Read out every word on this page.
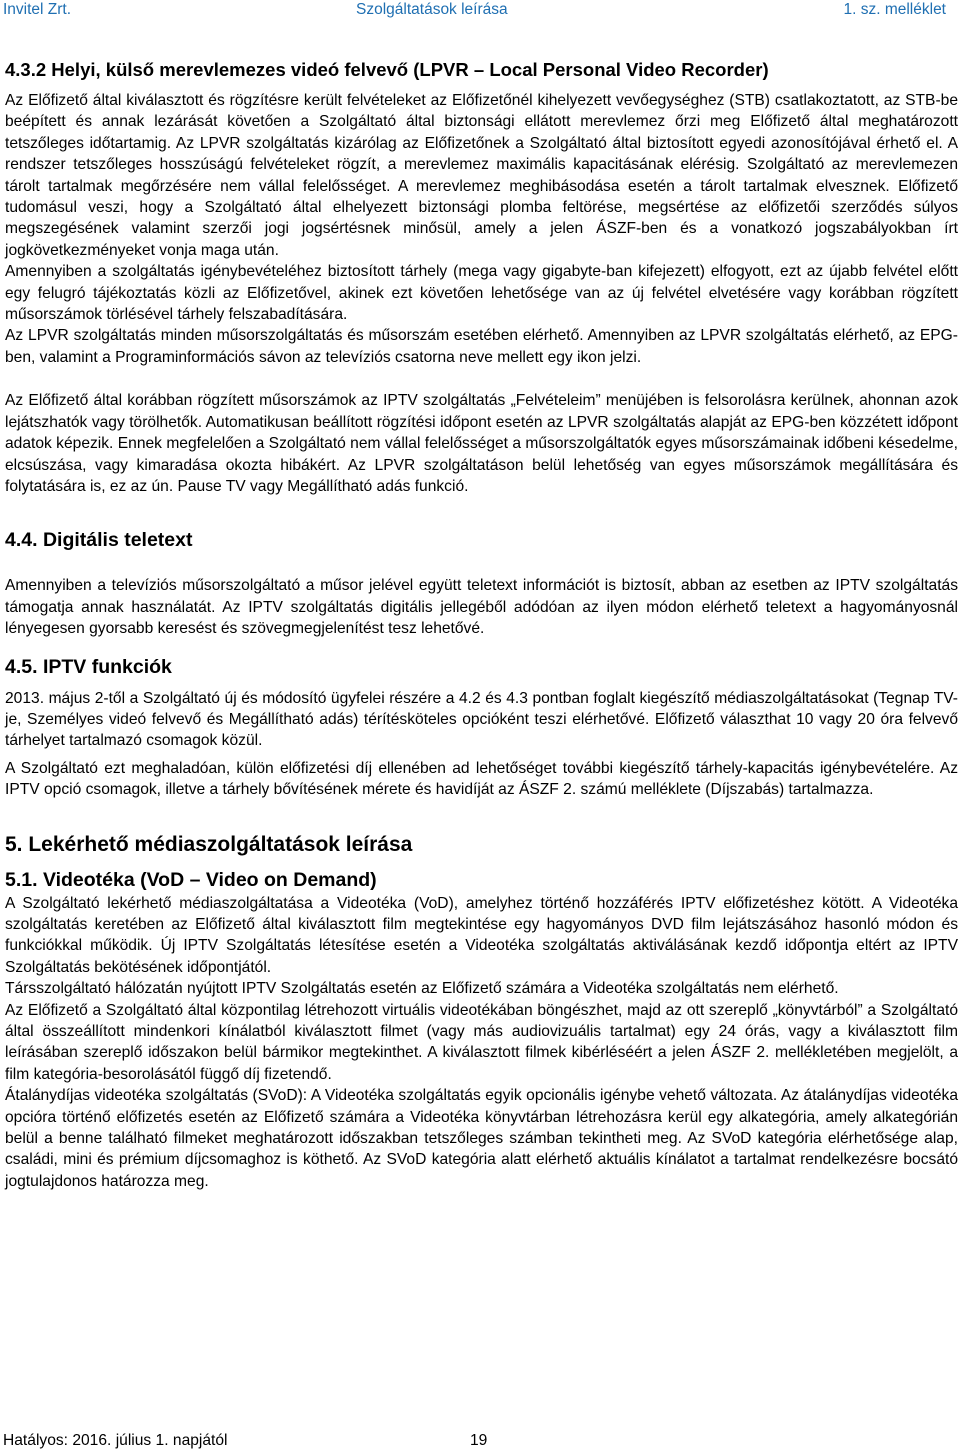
Invitel Zrt.	Szolgáltatások leírása	1. sz. melléklet
4.3.2 Helyi, külső merevlemezes videó felvevő (LPVR – Local Personal Video Recorder)

Az Előfizető által kiválasztott és rögzítésre került felvételeket az Előfizetőnél kihelyezett vevőegységhez (STB) csatlakoztatott, az STB-be beépített és annak lezárását követően a Szolgáltató által biztonsági ellátott merevlemez őrzi meg Előfizető által meghatározott tetszőleges időtartamig. Az LPVR szolgáltatás kizárólag az Előfizetőnek a Szolgáltató által biztosított egyedi azonosítójával érhető el. A rendszer tetszőleges hosszúságú felvételeket rögzít, a merevlemez maximális kapacitásának elérésig. Szolgáltató az merevlemezen tárolt tartalmak megőrzésére nem vállal felelősséget. A merevlemez meghibásodása esetén a tárolt tartalmak elvesznek. Előfizető tudomásul veszi, hogy a Szolgáltató által elhelyezett biztonsági plomba feltörése, megsértése az előfizetői szerződés súlyos megszegésének valamint szerzői jogi jogsértésnek minősül, amely a jelen ÁSZF-ben és a vonatkozó jogszabályokban írt jogkövetkezményeket vonja maga után.

Amennyiben a szolgáltatás igénybevételéhez biztosított tárhely (mega vagy gigabyte-ban kifejezett) elfogyott, ezt az újabb felvétel előtt egy felugró tájékoztatás közli az Előfizetővel, akinek ezt követően lehetősége van az új felvétel elvetésére vagy korábban rögzített műsorszámok törlésével tárhely felszabadítására.

Az LPVR szolgáltatás minden műsorszolgáltatás és műsorszám esetében elérhető. Amennyiben az LPVR szolgáltatás elérhető, az EPG-ben, valamint a Programinformációs sávon az televíziós csatorna neve mellett egy ikon jelzi.

Az Előfizető által korábban rögzített műsorszámok az IPTV szolgáltatás „Felvételeim” menüjében is felsorolásra kerülnek, ahonnan azok lejátszhatók vagy törölhetők. Automatikusan beállított rögzítési időpont esetén az LPVR szolgáltatás alapját az EPG-ben közzétett időpont adatok képezik. Ennek megfelelően a Szolgáltató nem vállal felelősséget a műsorszolgáltatók egyes műsorszámainak időbeni késedelme, elcsúszása, vagy kimaradása okozta hibákért. Az LPVR szolgáltatáson belül lehetőség van egyes műsorszámok megállítására és folytatására is, ez az ún. Pause TV vagy Megállítható adás funkció.

4.4. Digitális teletext

Amennyiben a televíziós műsorszolgáltató a műsor jelével együtt teletext információt is biztosít, abban az esetben az IPTV szolgáltatás támogatja annak használatát. Az IPTV szolgáltatás digitális jellegéből adódóan az ilyen módon elérhető teletext a hagyományosnál lényegesen gyorsabb keresést és szövegmegjelenítést tesz lehetővé.

4.5. IPTV funkciók

2013. május 2-től a Szolgáltató új és módosító ügyfelei részére a 4.2 és 4.3 pontban foglalt kiegészítő médiaszolgáltatásokat (Tegnap TV-je, Személyes videó felvevő és Megállítható adás) térítésköteles opcióként teszi elérhetővé. Előfizető választhat 10 vagy 20 óra felvevő tárhelyet tartalmazó csomagok közül.

A Szolgáltató ezt meghaladóan, külön előfizetési díj ellenében ad lehetőséget további kiegészítő tárhely-kapacitás igénybevételére. Az IPTV opció csomagok, illetve a tárhely bővítésének mérete és havidíját az ÁSZF 2. számú melléklete (Díjszabás) tartalmazza.

5. Lekérhető médiaszolgáltatások leírása
5.1. Videotéka (VoD – Video on Demand)

A Szolgáltató lekérhető médiaszolgáltatása a Videotéka (VoD), amelyhez történő hozzáférés IPTV előfizetéshez kötött. A Videotéka szolgáltatás keretében az Előfizető által kiválasztott film megtekintése egy hagyományos DVD film lejátszásához hasonló módon és funkciókkal működik. Új IPTV Szolgáltatás létesítése esetén a Videotéka szolgáltatás aktiválásának kezdő időpontja eltért az IPTV Szolgáltatás bekötésének időpontjától.

Társszolgáltató hálózatán nyújtott IPTV Szolgáltatás esetén az Előfizető számára a Videotéka szolgáltatás nem elérhető.

Az Előfizető a Szolgáltató által központilag létrehozott virtuális videotékában böngészhet, majd az ott szereplő „könyvtárból” a Szolgáltató által összeállított mindenkori kínálatból kiválasztott filmet (vagy más audiovizuális tartalmat) egy 24 órás, vagy a kiválasztott film leírásában szereplő időszakon belül bármikor megtekinthet. A kiválasztott filmek kibérléséért a jelen ÁSZF 2. mellékletében megjelölt, a film kategória-besorolásától függő díj fizetendő.

Átalánydíjas videotéka szolgáltatás (SVoD): A Videotéka szolgáltatás egyik opcionális igénybe vehető változata. Az átalánydíjas videotéka opcióra történő előfizetés esetén az Előfizető számára a Videotéka könyvtárban létrehozásra kerül egy alkategória, amely alkategórián belül a benne található filmeket meghatározott időszakban tetszőleges számban tekintheti meg. Az SVoD kategória elérhetősége alap, családi, mini és prémium díjcsomaghoz is köthető. Az SVoD kategória alatt elérhető aktuális kínálatot a tartalmat rendelkezésre bocsátó jogtulajdonos határozza meg.

Hatályos: 2016. július 1. napjától	19
